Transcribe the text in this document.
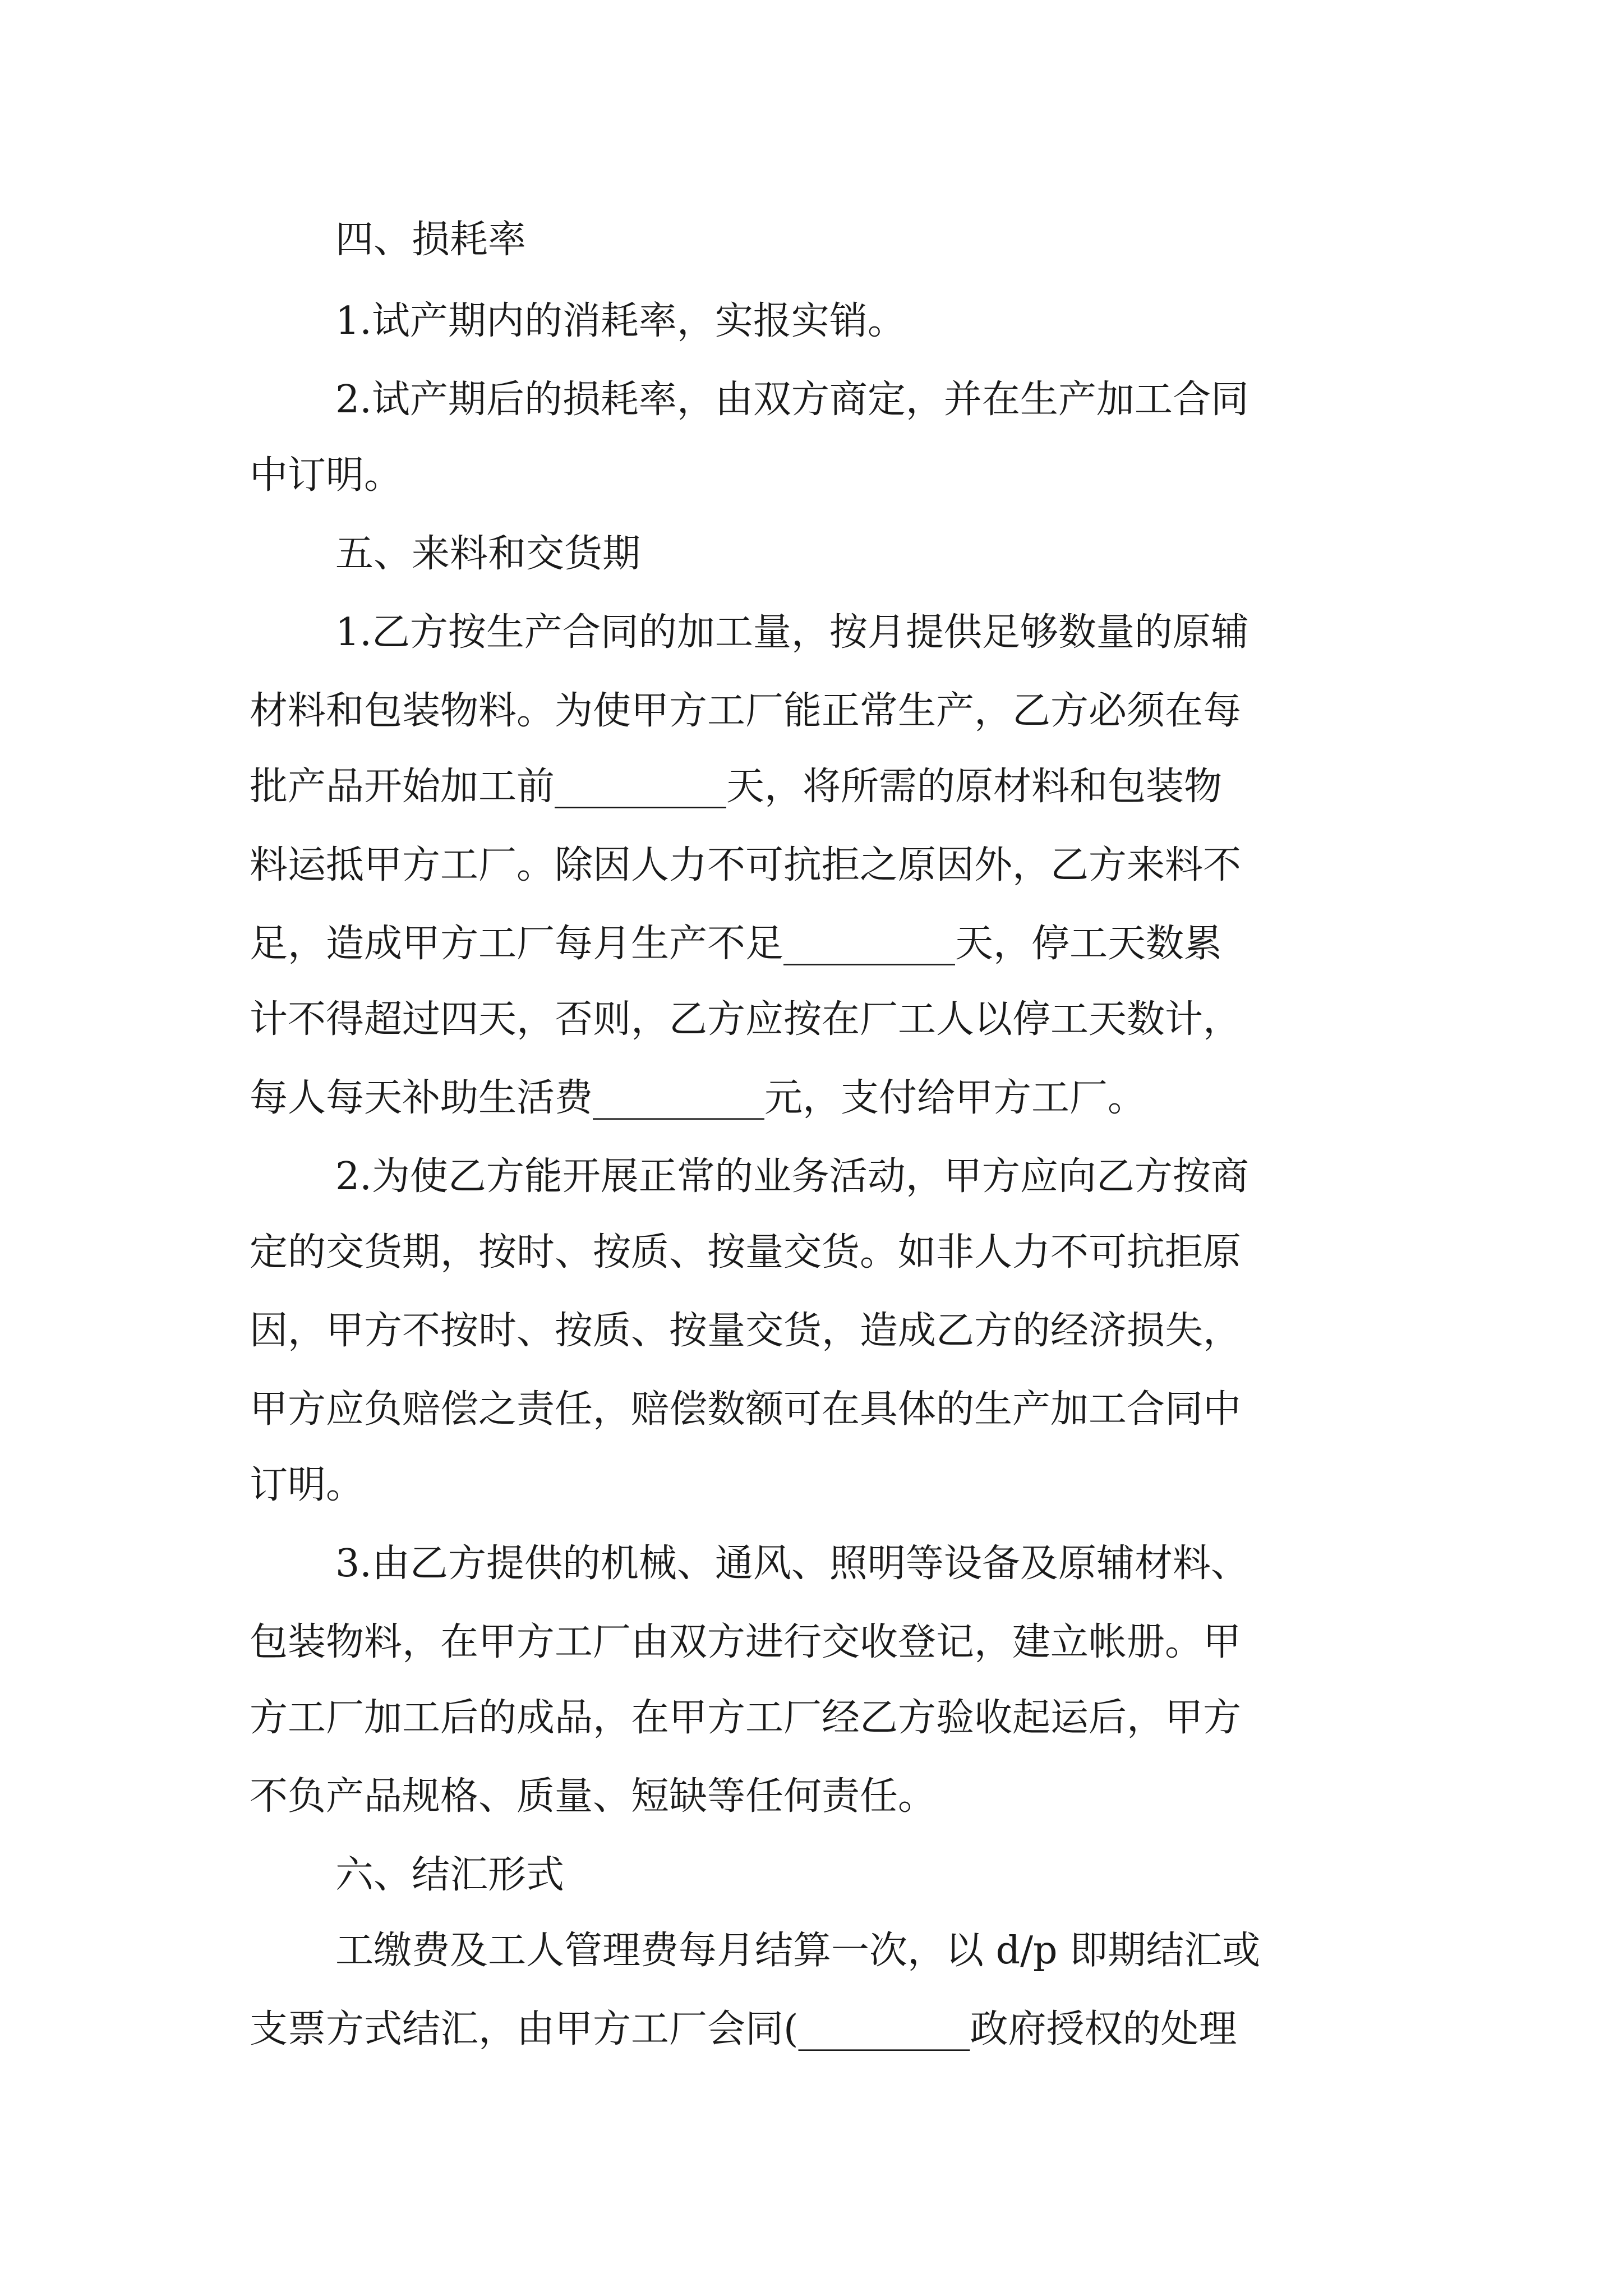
四、损耗率
1.试产期内的消耗率，实报实销。
2.试产期后的损耗率，由双方商定，并在生产加工合同
中订明。
五、来料和交货期
1.乙方按生产合同的加工量，按月提供足够数量的原辅
材料和包装物料。为使甲方工厂能正常生产，乙方必须在每
批产品开始加工前_________天，将所需的原材料和包装物
料运抵甲方工厂。除因人力不可抗拒之原因外，乙方来料不
足，造成甲方工厂每月生产不足_________天，停工天数累
计不得超过四天，否则，乙方应按在厂工人以停工天数计，
每人每天补助生活费_________元，支付给甲方工厂。
2.为使乙方能开展正常的业务活动，甲方应向乙方按商
定的交货期，按时、按质、按量交货。如非人力不可抗拒原
因，甲方不按时、按质、按量交货，造成乙方的经济损失，
甲方应负赔偿之责任，赔偿数额可在具体的生产加工合同中
订明。
3.由乙方提供的机械、通风、照明等设备及原辅材料、
包装物料，在甲方工厂由双方进行交收登记，建立帐册。甲
方工厂加工后的成品，在甲方工厂经乙方验收起运后，甲方
不负产品规格、质量、短缺等任何责任。
六、结汇形式
工缴费及工人管理费每月结算一次，以 d/p 即期结汇或
支票方式结汇，由甲方工厂会同(_________政府授权的处理
